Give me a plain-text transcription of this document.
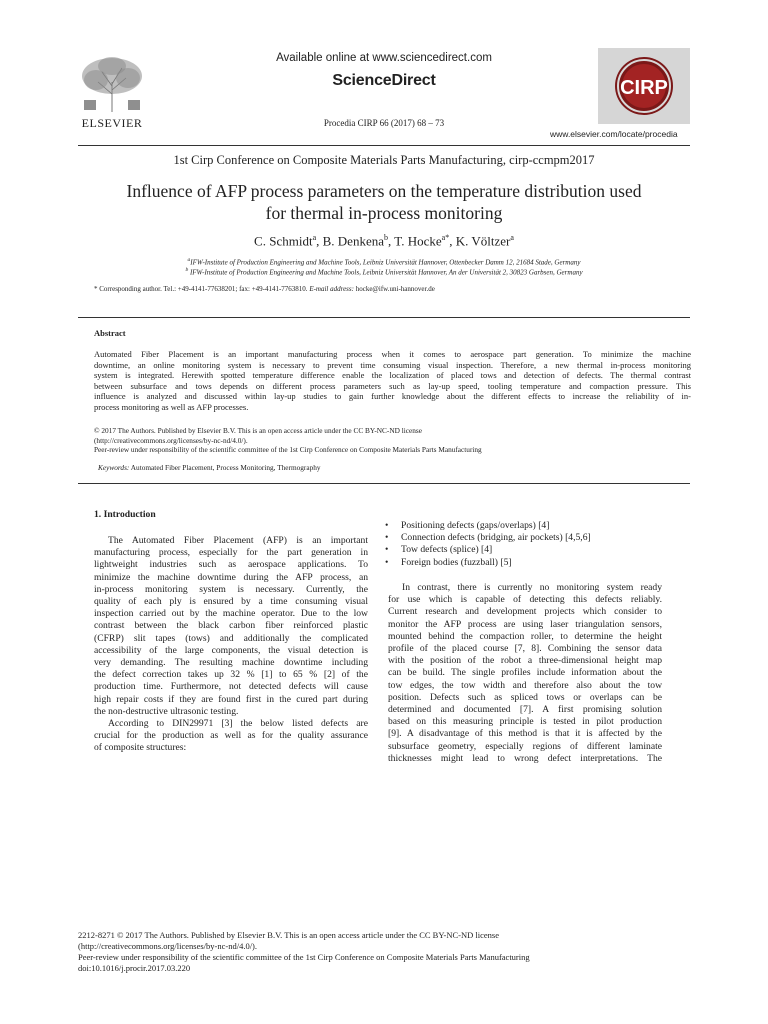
Available online at www.sciencedirect.com
ScienceDirect
Procedia CIRP 66 (2017) 68 – 73
ELSEVIER
CIRP
www.elsevier.com/locate/procedia
1st Cirp Conference on Composite Materials Parts Manufacturing, cirp-ccmpm2017
Influence of AFP process parameters on the temperature distribution used
for thermal in-process monitoring
C. Schmidt$^a$, B. Denkena$^b$, T. Hocke$^{a*}$, K. Völtzer$^a$
$^a$IFW-Institute of Production Engineering and Machine Tools, Leibniz Universität Hannover, Ottenbecker Damm 12, 21684 Stade, Germany
$^b$ IFW-Institute of Production Engineering and Machine Tools, Leibniz Universität Hannover, An der Universität 2, 30823 Garbsen, Germany
* Corresponding author. Tel.: +49-4141-77638201; fax: +49-4141-7763810. E-mail address: hocke@ifw.uni-hannover.de
Abstract
Automated Fiber Placement is an important manufacturing process when it comes to aerospace part generation. To minimize the machine
downtime, an online monitoring system is necessary to prevent time consuming visual inspection. Therefore, a new thermal in-process monitoring
system is integrated. Herewith spotted temperature difference enable the localization of placed tows and detection of defects. The thermal contrast
between subsurface and tows depends on different process parameters such as lay-up speed, tooling temperature and compaction pressure. This
influence is analyzed and discussed within lay-up studies to gain further knowledge about the different effects to increase the reliability of in-
process monitoring as well as AFP processes.
© 2017 The Authors. Published by Elsevier B.V. This is an open access article under the CC BY-NC-ND license
(http://creativecommons.org/licenses/by-nc-nd/4.0/).
Peer-review under responsibility of the scientific committee of the 1st Cirp Conference on Composite Materials Parts Manufacturing
Keywords: Automated Fiber Placement, Process Monitoring, Thermography
1. Introduction
The Automated Fiber Placement (AFP) is an important
manufacturing process, especially for the part generation in
lightweight industries such as aerospace applications. To
minimize the machine downtime during the AFP process, an
in-process monitoring system is necessary. Currently, the
quality of each ply is ensured by a time consuming visual
inspection carried out by the machine operator. Due to the low
contrast between the black carbon fiber reinforced plastic
(CFRP) slit tapes (tows) and additionally the complicated
accessibility of the large components, the visual detection is
very demanding. The resulting machine downtime including
the defect correction takes up 32 % [1] to 65 % [2] of the
production time. Furthermore, not detected defects will cause
high repair costs if they are found first in the cured part during
the non-destructive ultrasonic testing.
According to DIN29971 [3] the below listed defects are
crucial for the production as well as for the quality assurance
of composite structures:
•	Positioning defects (gaps/overlaps) [4]
•	Connection defects (bridging, air pockets) [4,5,6]
•	Tow defects (splice) [4]
•	Foreign bodies (fuzzball) [5]
In contrast, there is currently no monitoring system ready
for use which is capable of detecting this defects reliably.
Current research and development projects which consider to
monitor the AFP process are using laser triangulation sensors,
mounted behind the compaction roller, to determine the height
profile of the placed course [7, 8]. Combining the sensor data
with the position of the robot a three-dimensional height map
can be build. The single profiles include information about the
tow edges, the tow width and therefore also about the tow
position. Defects such as spliced tows or overlaps can be
determined and documented [7]. A first promising solution
based on this measuring principle is tested in pilot production
[9]. A disadvantage of this method is that it is affected by the
subsurface geometry, especially regions of different laminate
thicknesses might lead to wrong defect interpretations. The
2212-8271 © 2017 The Authors. Published by Elsevier B.V. This is an open access article under the CC BY-NC-ND license
(http://creativecommons.org/licenses/by-nc-nd/4.0/).
Peer-review under responsibility of the scientific committee of the 1st Cirp Conference on Composite Materials Parts Manufacturing
doi:10.1016/j.procir.2017.03.220
